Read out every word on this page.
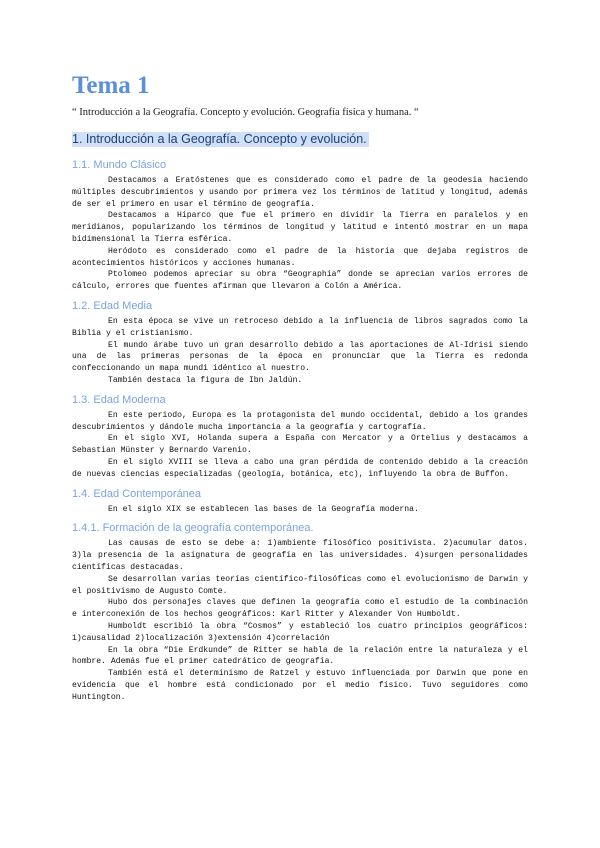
Tema 1
“ Introducción a la Geografía. Concepto y evolución. Geografía física y humana. “
1. Introducción a la Geografía. Concepto y evolución.
1.1. Mundo Clásico

Destacamos a Eratóstenes que es considerado como el padre de la geodesia haciendo múltiples descubrimientos y usando por primera vez los términos de latitud y longitud, además de ser el primero en usar el término de geografía.

Destacamos a Hiparco que fue el primero en dividir la Tierra en paralelos y en meridianos, popularizando los términos de longitud y latitud e intentó mostrar en un mapa bidimensional la Tierra esférica.

Heródoto es considerado como el padre de la historia que dejaba registros de acontecimientos históricos y acciones humanas.

Ptolomeo podemos apreciar su obra “Geographia” donde se aprecian varios errores de cálculo, errores que fuentes afirman que llevaron a Colón a América.

1.2. Edad Media

En esta época se vive un retroceso debido a la influencia de libros sagrados como la Biblia y el cristianismo.

El mundo árabe tuvo un gran desarrollo debido a las aportaciones de Al-Idrisi siendo una de las primeras personas de la época en pronunciar que la Tierra es redonda confeccionando un mapa mundi idéntico al nuestro.

También destaca la figura de Ibn Jaldún.

1.3. Edad Moderna

En este periodo, Europa es la protagonista del mundo occidental, debido a los grandes descubrimientos y dándole mucha importancia a la geografía y cartografía.

En el siglo XVI, Holanda supera a España con Mercator y a Ortelius y destacamos a Sebastian Münster y Bernardo Varenio.

En el siglo XVIII se lleva a cabo una gran pérdida de contenido debido a la creación de nuevas ciencias especializadas (geología, botánica, etc), influyendo la obra de Buffon.

1.4. Edad Contemporánea

En el siglo XIX se establecen las bases de la Geografía moderna.

1.4.1. Formación de la geografía contemporánea.

Las causas de esto se debe a: 1)ambiente filosófico positivista. 2)acumular datos. 3)la presencia de la asignatura de geografía en las universidades. 4)surgen personalidades científicas destacadas.

Se desarrollan varias teorías científico-filosóficas como el evolucionismo de Darwin y el positivismo de Augusto Comte.

Hubo dos personajes claves que definen la geografía como el estudio de la combinación e interconexión de los hechos geográficos: Karl Ritter y Alexander Von Humboldt.

Humboldt escribió la obra “Cosmos” y estableció los cuatro principios geográficos: 1)causalidad 2)localización 3)extensión 4)correlación

En la obra “Die Erdkunde” de Ritter se habla de la relación entre la naturaleza y el hombre. Además fue el primer catedrático de geografía.

También está el determinismo de Ratzel y estuvo influenciada por Darwin que pone en evidencia que el hombre está condicionado por el medio físico. Tuvo seguidores como Huntington.
